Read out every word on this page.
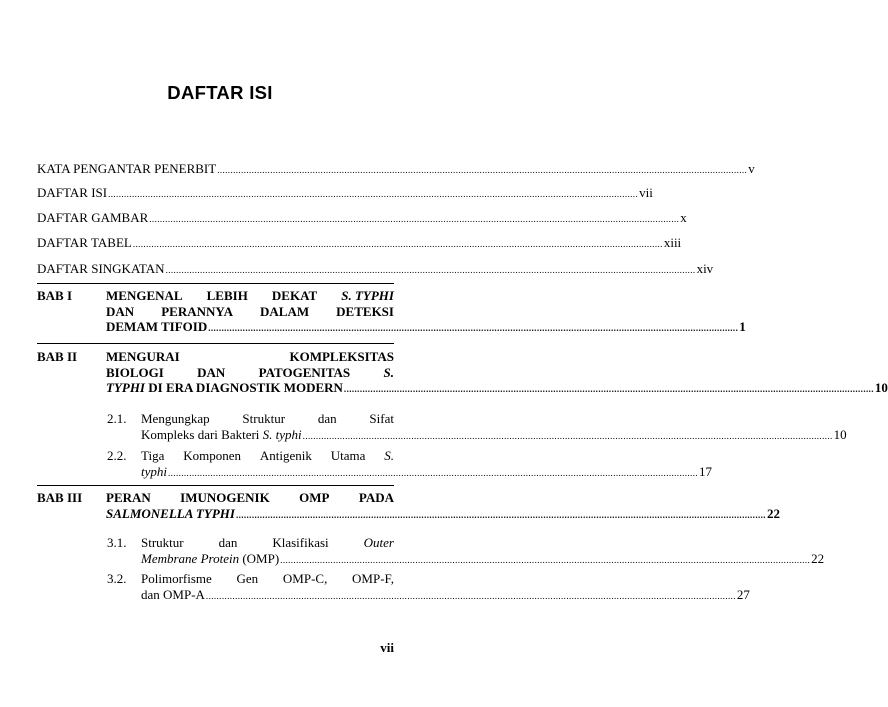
DAFTAR ISI
KATA PENGANTAR PENERBIT ........................................................................................................................................................................................................ v
DAFTAR ISI ........................................................................................................................................................................................................ vii
DAFTAR GAMBAR ........................................................................................................................................................................................................ x
DAFTAR TABEL ........................................................................................................................................................................................................ xiii
DAFTAR SINGKATAN ........................................................................................................................................................................................................ xiv
BAB I	MENGENAL LEBIH DEKAT S. TYPHI
DAN PERANNYA DALAM DETEKSI
DEMAM TIFOID ........................................................................................................................................................................................................ 1
BAB II MENGURAI	KOMPLEKSITAS
BIOLOGI	DAN	PATOGENITAS	S.
TYPHI DI ERA DIAGNOSTIK MODERN ........................................................................................................................................................................................................ 10
2.1. Mengungkap	Struktur	dan	Sifat
Kompleks dari Bakteri S. typhi ........................................................................................................................................................................................................ 10
2.2. Tiga Komponen Antigenik Utama S.
typhi ........................................................................................................................................................................................................ 17
BAB III PERAN IMUNOGENIK OMP PADA
SALMONELLA TYPHI ........................................................................................................................................................................................................ 22
3.1. Struktur	dan	Klasifikasi	Outer
Membrane Protein (OMP) ........................................................................................................................................................................................................ 22
3.2. Polimorfisme Gen OMP-C, OMP-F,
dan OMP-A ........................................................................................................................................................................................................ 27
vii
